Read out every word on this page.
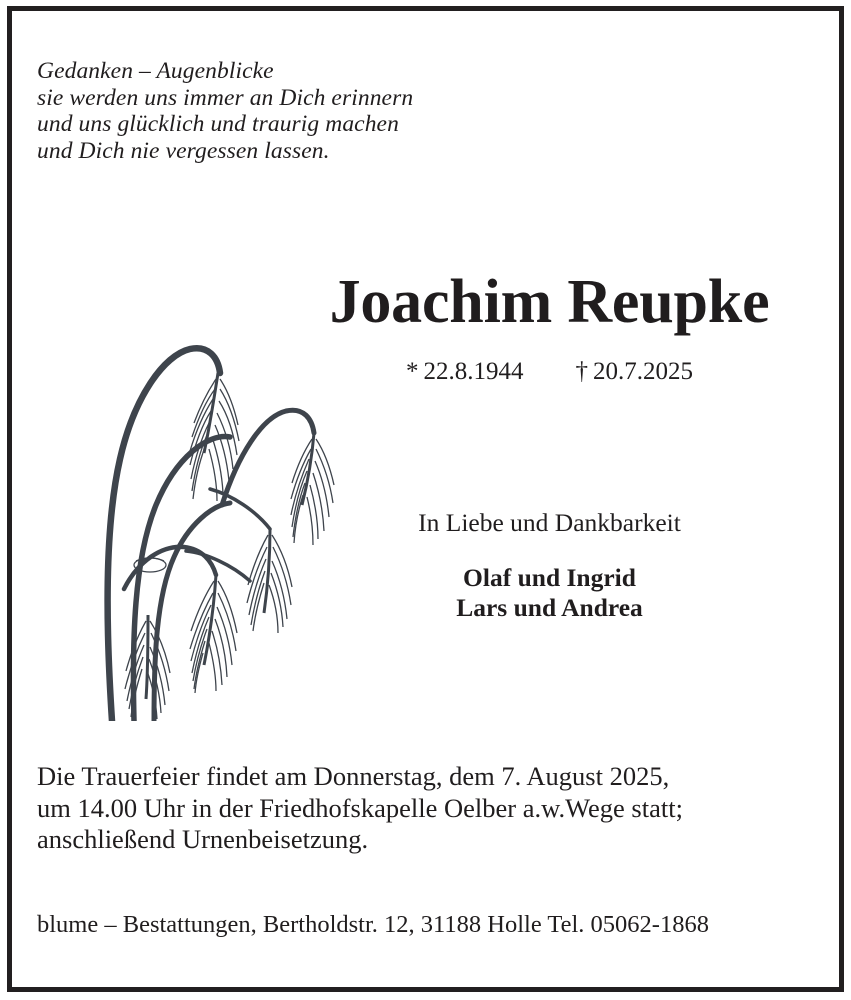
Gedanken – Augenblicke
sie werden uns immer an Dich erinnern
und uns glücklich und traurig machen
und Dich nie vergessen lassen.
Joachim Reupke
* 22.8.1944 † 20.7.2025
In Liebe und Dankbarkeit
Olaf und Ingrid
Lars und Andrea
Die Trauerfeier findet am Donnerstag, dem 7. August 2025,
um 14.00 Uhr in der Friedhofskapelle Oelber a.w.Wege statt;
anschließend Urnenbeisetzung.
blume – Bestattungen, Bertholdstr. 12, 31188 Holle Tel. 05062-1868
